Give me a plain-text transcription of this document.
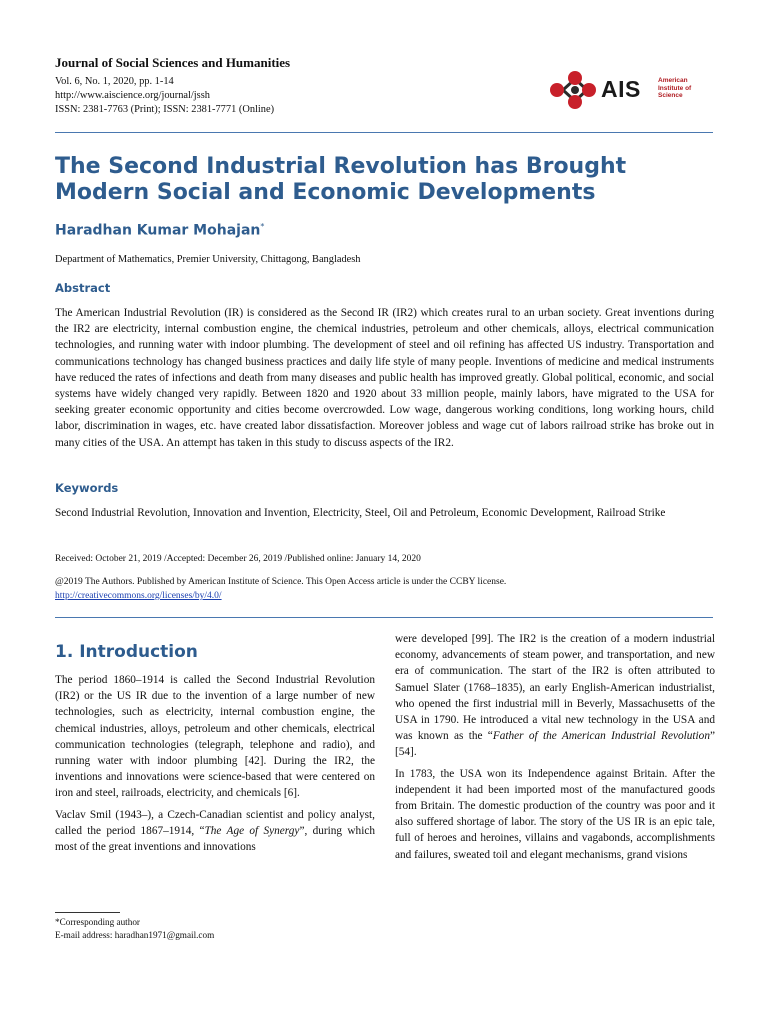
Journal of Social Sciences and Humanities
Vol. 6, No. 1, 2020, pp. 1-14
http://www.aiscience.org/journal/jssh
ISSN: 2381-7763 (Print); ISSN: 2381-7771 (Online)
AIS	American
Institute of
Science
The Second Industrial Revolution has Brought Modern Social and Economic Developments
Haradhan Kumar Mohajan*
Department of Mathematics, Premier University, Chittagong, Bangladesh
Abstract

The American Industrial Revolution (IR) is considered as the Second IR (IR2) which creates rural to an urban society. Great inventions during the IR2 are electricity, internal combustion engine, the chemical industries, petroleum and other chemicals, alloys, electrical communication technologies, and running water with indoor plumbing. The development of steel and oil refining has affected US industry. Transportation and communications technology has changed business practices and daily life style of many people. Inventions of medicine and medical instruments have reduced the rates of infections and death from many diseases and public health has improved greatly. Global political, economic, and social systems have widely changed very rapidly. Between 1820 and 1920 about 33 million people, mainly labors, have migrated to the USA for seeking greater economic opportunity and cities become overcrowded. Low wage, dangerous working conditions, long working hours, child labor, discrimination in wages, etc. have created labor dissatisfaction. Moreover jobless and wage cut of labors railroad strike has broke out in many cities of the USA. An attempt has taken in this study to discuss aspects of the IR2.

Keywords

Second Industrial Revolution, Innovation and Invention, Electricity, Steel, Oil and Petroleum, Economic Development, Railroad Strike

Received: October 21, 2019 /Accepted: December 26, 2019 /Published online: January 14, 2020
@2019 The Authors. Published by American Institute of Science. This Open Access article is under the CCBY license.
http://creativecommons.org/licenses/by/4.0/
1. Introduction

The period 1860–1914 is called the Second Industrial Revolution (IR2) or the US IR due to the invention of a large number of new technologies, such as electricity, internal combustion engine, the chemical industries, alloys, petroleum and other chemicals, electrical communication technologies (telegraph, telephone and radio), and running water with indoor plumbing [42]. During the IR2, the inventions and innovations were science-based that were centered on iron and steel, railroads, electricity, and chemicals [6].

Vaclav Smil (1943–), a Czech-Canadian scientist and policy analyst, called the period 1867–1914, “The Age of Synergy”, during which most of the great inventions and innovations

were developed [99]. The IR2 is the creation of a modern industrial economy, advancements of steam power, and transportation, and new era of communication. The start of the IR2 is often attributed to Samuel Slater (1768–1835), an early English-American industrialist, who opened the first industrial mill in Beverly, Massachusetts of the USA in 1790. He introduced a vital new technology in the USA and was known as the “Father of the American Industrial Revolution” [54].

In 1783, the USA won its Independence against Britain. After the independent it had been imported most of the manufactured goods from Britain. The domestic production of the country was poor and it also suffered shortage of labor. The story of the US IR is an epic tale, full of heroes and heroines, villains and vagabonds, accomplishments and failures, sweated toil and elegant mechanisms, grand visions

*Corresponding author
E-mail address: haradhan1971@gmail.com
